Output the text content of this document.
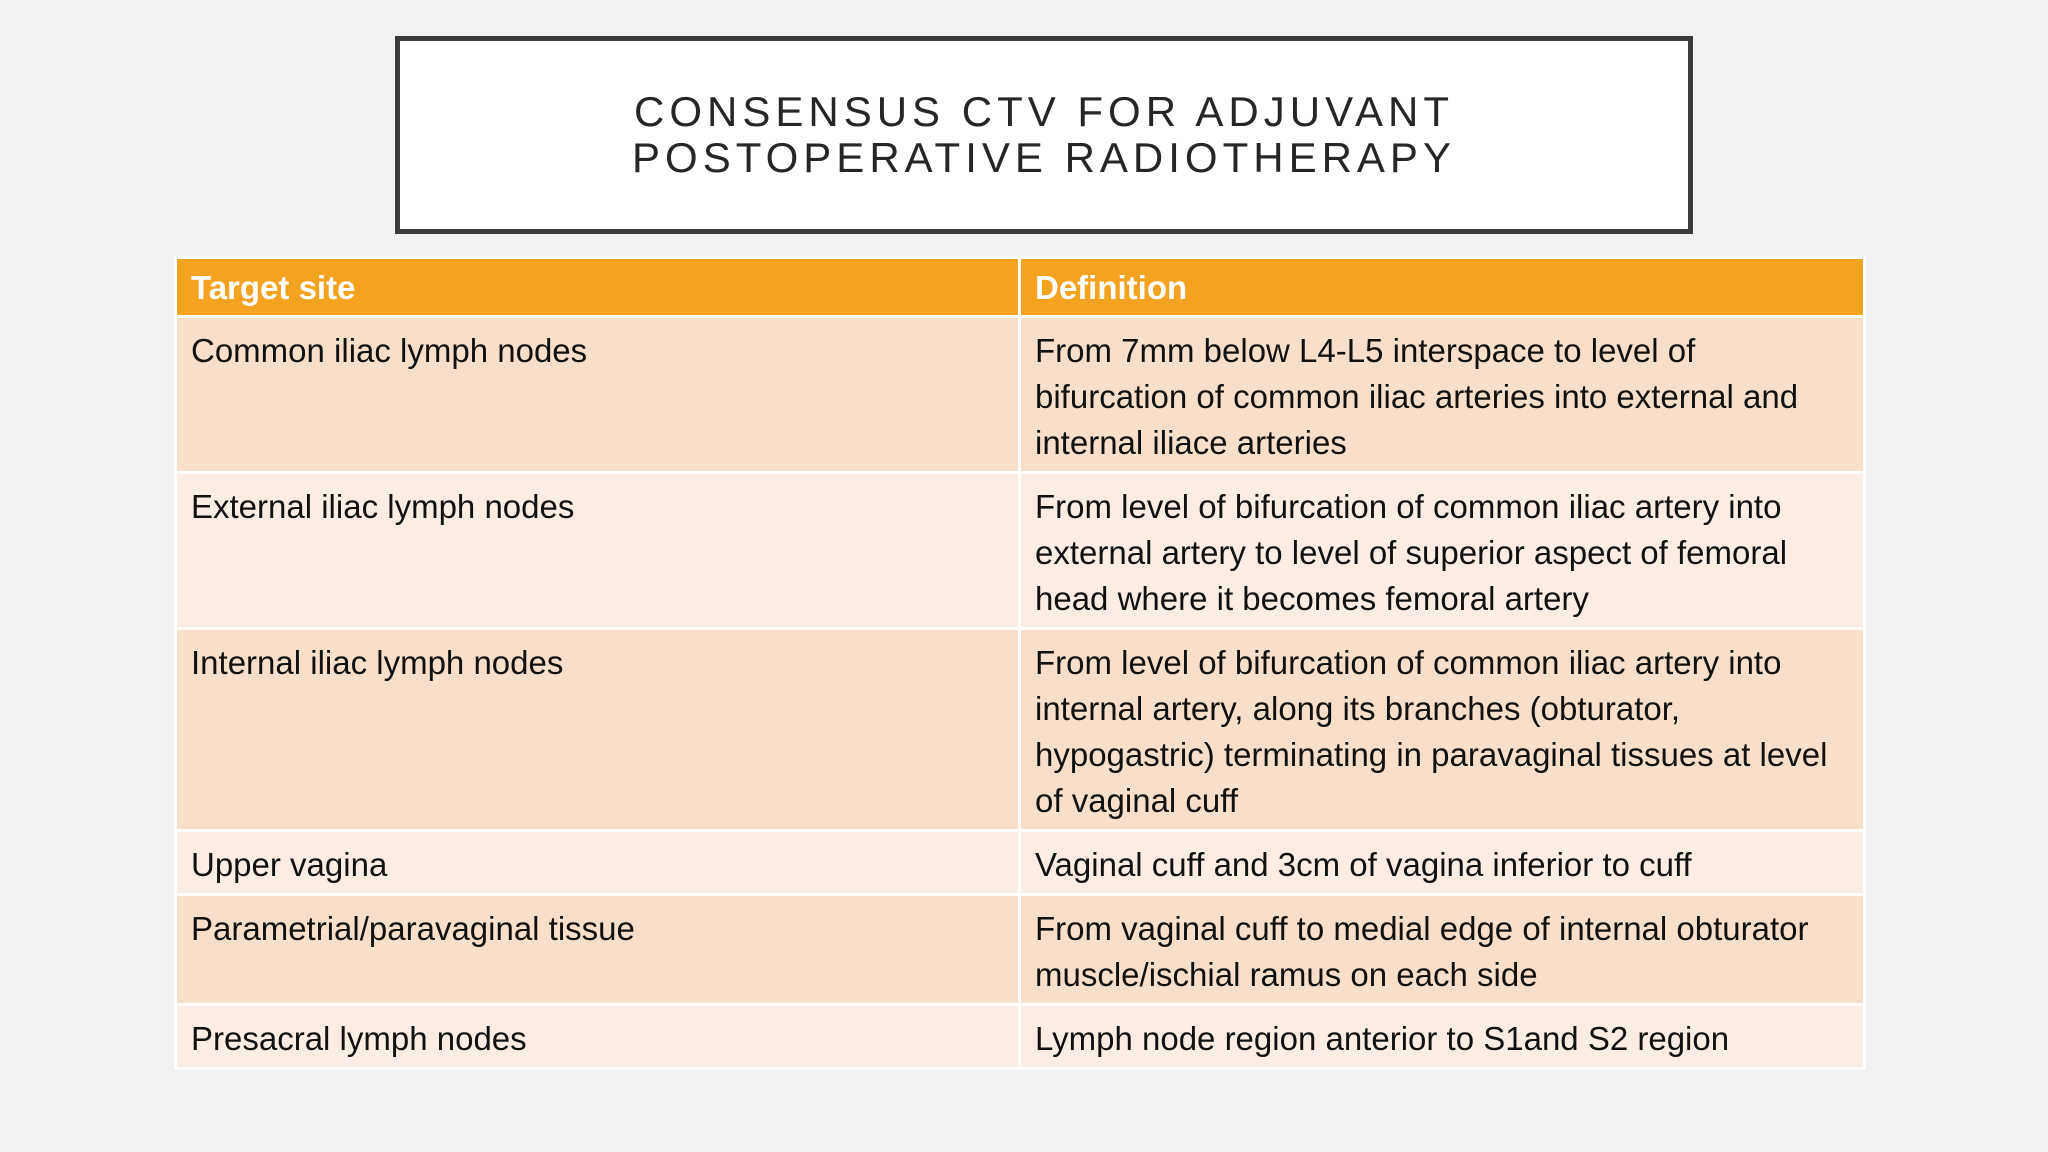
CONSENSUS CTV FOR ADJUVANT POSTOPERATIVE RADIOTHERAPY
Target site	Definition
Common iliac lymph nodes	From 7mm below L4-L5 interspace to level of bifurcation of common iliac arteries into external and internal iliace arteries
External iliac lymph nodes	From level of bifurcation of common iliac artery into external artery to level of superior aspect of femoral head where it becomes femoral artery
Internal iliac lymph nodes	From level of bifurcation of common iliac artery into internal artery, along its branches (obturator, hypogastric) terminating in paravaginal tissues at level of vaginal cuff
Upper vagina	Vaginal cuff and 3cm of vagina inferior to cuff
Parametrial/paravaginal tissue	From vaginal cuff to medial edge of internal obturator muscle/ischial ramus on each side
Presacral lymph nodes	Lymph node region anterior to S1and S2 region
